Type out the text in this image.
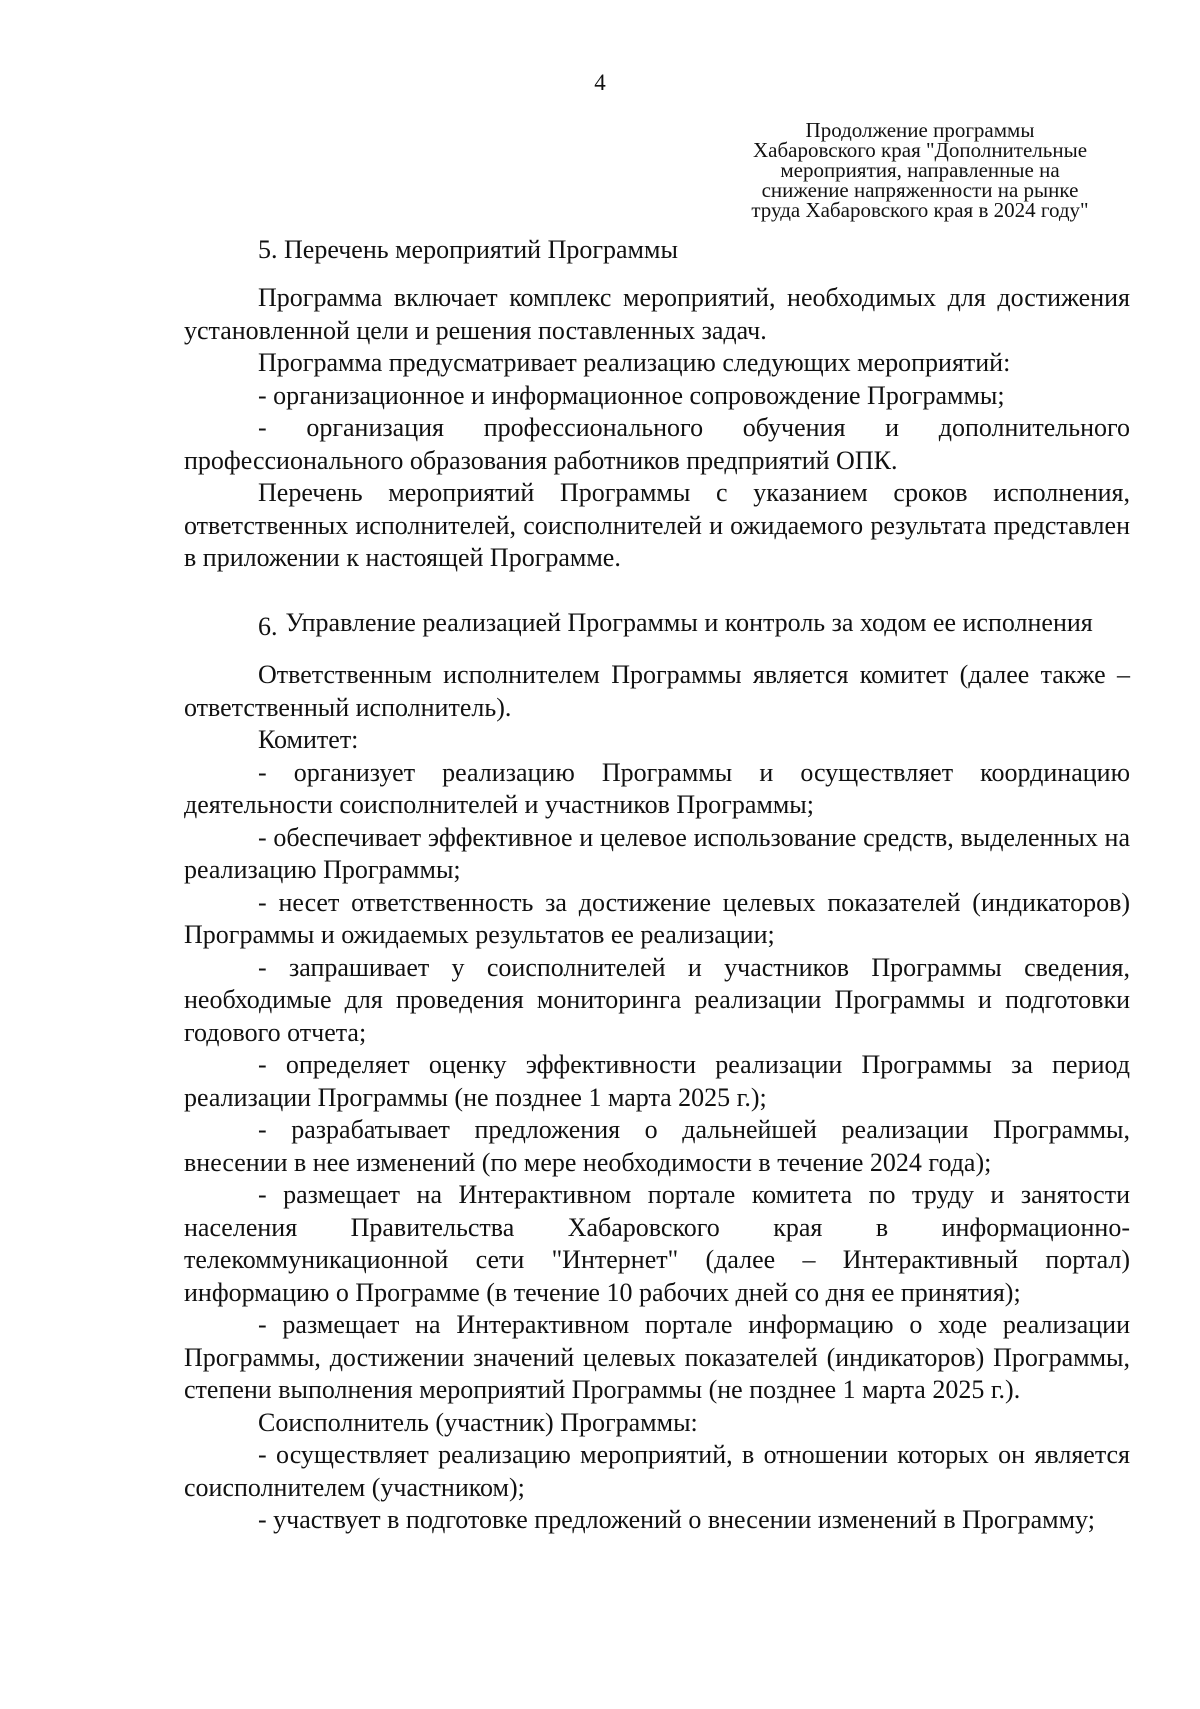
4
Продолжение программы
Хабаровского края "Дополнительные
мероприятия, направленные на
снижение напряженности на рынке
труда Хабаровского края в 2024 году"
5. Перечень мероприятий Программы

Программа включает комплекс мероприятий, необходимых для достижения установленной цели и решения поставленных задач.

Программа предусматривает реализацию следующих мероприятий:

- организационное и информационное сопровождение Программы;

- организация профессионального обучения и дополнительного профессионального образования работников предприятий ОПК.

Перечень мероприятий Программы с указанием сроков исполнения, ответственных исполнителей, соисполнителей и ожидаемого результата представлен в приложении к настоящей Программе.

6. Управление реализацией Программы и контроль за ходом ее исполнения

Ответственным исполнителем Программы является комитет (далее также – ответственный исполнитель).

Комитет:

- организует реализацию Программы и осуществляет координацию деятельности соисполнителей и участников Программы;

- обеспечивает эффективное и целевое использование средств, выделенных на реализацию Программы;

- несет ответственность за достижение целевых показателей (индикаторов) Программы и ожидаемых результатов ее реализации;

- запрашивает у соисполнителей и участников Программы сведения, необходимые для проведения мониторинга реализации Программы и подготовки годового отчета;

- определяет оценку эффективности реализации Программы за период реализации Программы (не позднее 1 марта 2025 г.);

- разрабатывает предложения о дальнейшей реализации Программы, внесении в нее изменений (по мере необходимости в течение 2024 года);

- размещает на Интерактивном портале комитета по труду и занятости населения Правительства Хабаровского края в информационно-телекоммуникационной сети "Интернет" (далее – Интерактивный портал) информацию о Программе (в течение 10 рабочих дней со дня ее принятия);

- размещает на Интерактивном портале информацию о ходе реализации Программы, достижении значений целевых показателей (индикаторов) Программы, степени выполнения мероприятий Программы (не позднее 1 марта 2025 г.).

Соисполнитель (участник) Программы:

- осуществляет реализацию мероприятий, в отношении которых он является соисполнителем (участником);

- участвует в подготовке предложений о внесении изменений в Программу;
